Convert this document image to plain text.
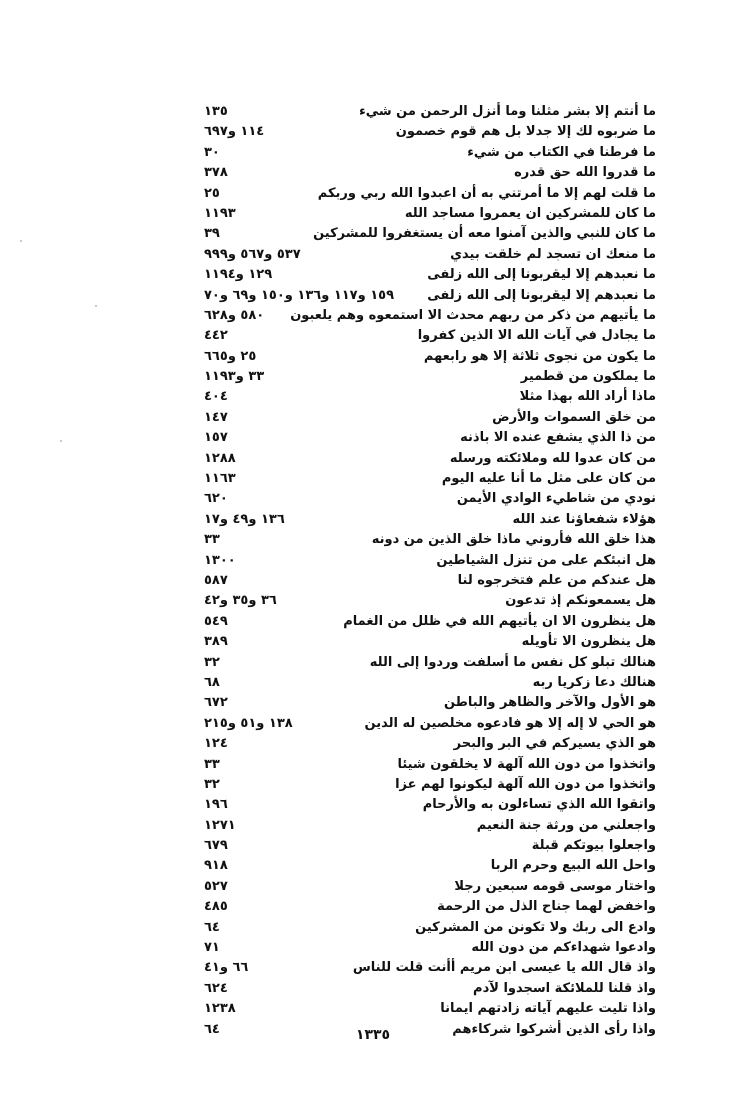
ما أنتم إلا بشر مثلنا وما أنزل الرحمن من شيء
١٣٥
ما ضربوه لك إلا جدلا بل هم قوم خصمون
١١٤ و٦٩٧
ما فرطنا في الكتاب من شيء
٣٠
ما قدروا الله حق قدره
٣٧٨
ما قلت لهم إلا ما أمرتني به أن اعبدوا الله ربي وربكم
٢٥
ما كان للمشركين ان يعمروا مساجد الله
١١٩٣
ما كان للنبي والذين آمنوا معه أن يستغفروا للمشركين
٣٩
ما منعك ان تسجد لم خلقت بيدي
٥٣٧ و٥٦٧ و٩٩٩
ما نعبدهم إلا ليقربونا إلى الله زلفى
١٢٩ و١١٩٤
ما نعبدهم إلا ليقربونا إلى الله زلفى
١٥٩ و١١٧ و١٣٦ و١٥٠ و٦٩ و٧٠
ما يأتيهم من ذكر من ربهم محدث الا استمعوه وهم يلعبون
٥٨٠ و٦٢٨
ما يجادل في آيات الله الا الذين كفروا
٤٤٢
ما يكون من نجوى ثلاثة إلا هو رابعهم
٢٥ و٦٦٥
ما يملكون من قطمير
٣٣ و١١٩٣
ماذا أراد الله بهذا مثلا
٤٠٤
من خلق السموات والأرض
١٤٧
من ذا الذي يشفع عنده الا باذنه
١٥٧
من كان عدوا لله وملائكته ورسله
١٢٨٨
من كان على مثل ما أنا عليه اليوم
١١٦٣
نودي من شاطيء الوادي الأيمن
٦٢٠
هؤلاء شفعاؤنا عند الله
١٣٦ و٤٩ و١٧
هذا خلق الله فأروني ماذا خلق الذين من دونه
٣٣
هل انبئكم على من تنزل الشياطين
١٣٠٠
هل عندكم من علم فتخرجوه لنا
٥٨٧
هل يسمعونكم إذ تدعون
٣٦ و٣٥ و٤٢
هل ينظرون الا ان يأتيهم الله في ظلل من الغمام
٥٤٩
هل ينظرون الا تأويله
٣٨٩
هنالك تبلو كل نفس ما أسلفت وردوا إلى الله
٣٢
هنالك دعا زكريا ربه
٦٨
هو الأول والآخر والظاهر والباطن
٦٧٢
هو الحي لا إله إلا هو فادعوه مخلصين له الدين
١٣٨ و٥١ و٢١٥
هو الذي يسيركم في البر والبحر
١٢٤
واتخذوا من دون الله آلهة لا يخلقون شيئا
٣٣
واتخذوا من دون الله آلهة ليكونوا لهم عزا
٣٢
واتقوا الله الذي تساءلون به والأرحام
١٩٦
واجعلني من ورثة جنة النعيم
١٢٧١
واجعلوا بيوتكم قبلة
٦٧٩
واحل الله البيع وحرم الربا
٩١٨
واختار موسى قومه سبعين رجلا
٥٢٧
واخفض لهما جناح الذل من الرحمة
٤٨٥
وادع الى ربك ولا تكونن من المشركين
٦٤
وادعوا شهداءكم من دون الله
٧١
واذ قال الله يا عيسى ابن مريم أأنت قلت للناس
٦٦ و٤١
واذ قلنا للملائكة اسجدوا لآدم
٦٢٤
واذا تليت عليهم آياته زادتهم ايمانا
١٢٣٨
واذا رأى الذين أشركوا شركاءهم
٦٤	١٣٣٥
